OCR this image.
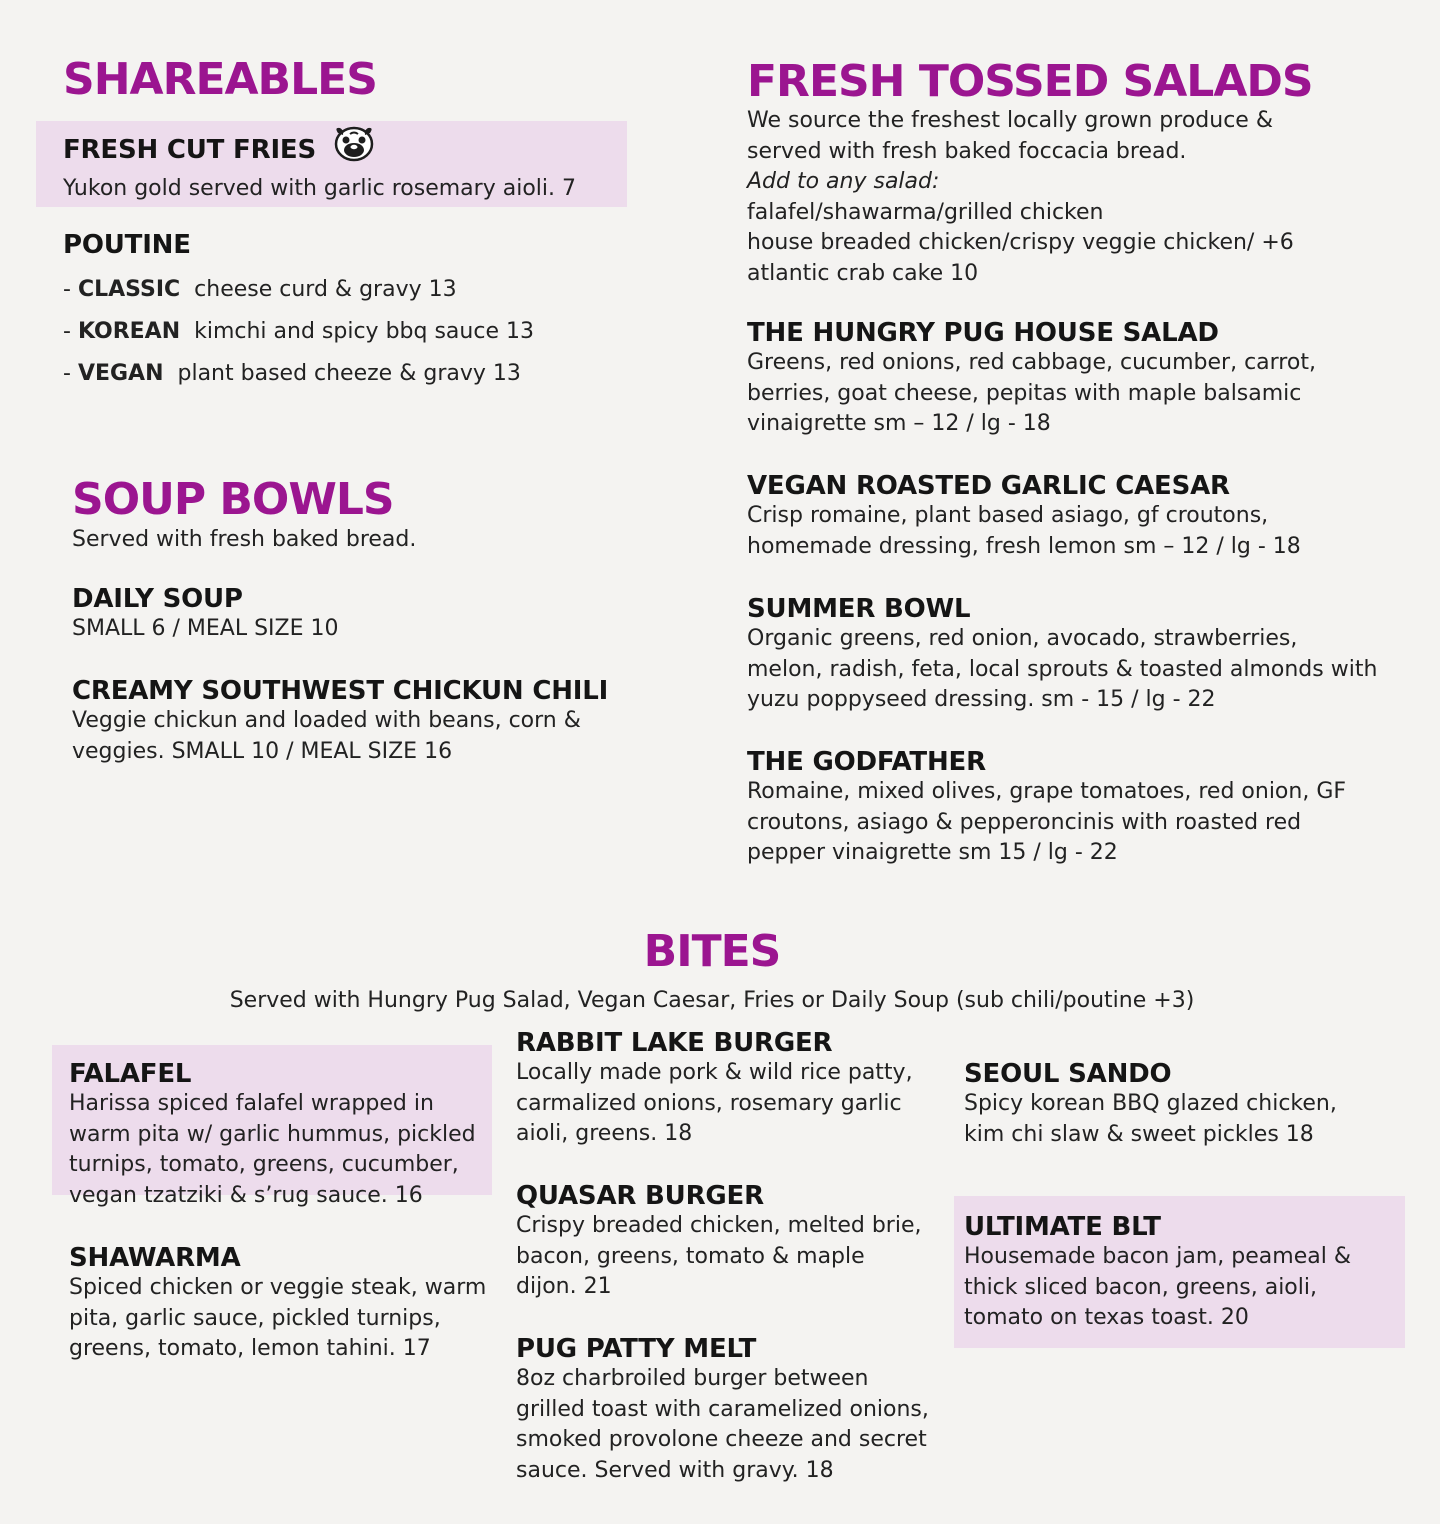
SHAREABLES
FRESH CUT FRIES
Yukon gold served with garlic rosemary aioli. 7
POUTINE
- CLASSIC cheese curd & gravy 13
- KOREAN kimchi and spicy bbq sauce 13
- VEGAN plant based cheeze & gravy 13
SOUP BOWLS
Served with fresh baked bread.
DAILY SOUP
SMALL 6 / MEAL SIZE 10
CREAMY SOUTHWEST CHICKUN CHILI
Veggie chickun and loaded with beans, corn &
veggies. SMALL 10 / MEAL SIZE 16
FRESH TOSSED SALADS
We source the freshest locally grown produce &
served with fresh baked foccacia bread.
Add to any salad:
falafel/shawarma/grilled chicken
house breaded chicken/crispy veggie chicken/ +6
atlantic crab cake 10
THE HUNGRY PUG HOUSE SALAD
Greens, red onions, red cabbage, cucumber, carrot,
berries, goat cheese, pepitas with maple balsamic
vinaigrette sm – 12 / lg - 18
VEGAN ROASTED GARLIC CAESAR
Crisp romaine, plant based asiago, gf croutons,
homemade dressing, fresh lemon sm – 12 / lg - 18
SUMMER BOWL
Organic greens, red onion, avocado, strawberries,
melon, radish, feta, local sprouts & toasted almonds with
yuzu poppyseed dressing. sm - 15 / lg - 22
THE GODFATHER
Romaine, mixed olives, grape tomatoes, red onion, GF
croutons, asiago & pepperoncinis with roasted red
pepper vinaigrette sm 15 / lg - 22
BITES
Served with Hungry Pug Salad, Vegan Caesar, Fries or Daily Soup (sub chili/poutine +3)
FALAFEL
Harissa spiced falafel wrapped in
warm pita w/ garlic hummus, pickled
turnips, tomato, greens, cucumber,
vegan tzatziki & s’rug sauce. 16
SHAWARMA
Spiced chicken or veggie steak, warm
pita, garlic sauce, pickled turnips,
greens, tomato, lemon tahini. 17
RABBIT LAKE BURGER
Locally made pork & wild rice patty,
carmalized onions, rosemary garlic
aioli, greens. 18
QUASAR BURGER
Crispy breaded chicken, melted brie,
bacon, greens, tomato & maple
dijon. 21
PUG PATTY MELT
8oz charbroiled burger between
grilled toast with caramelized onions,
smoked provolone cheeze and secret
sauce. Served with gravy. 18
SEOUL SANDO
Spicy korean BBQ glazed chicken,
kim chi slaw & sweet pickles 18
ULTIMATE BLT
Housemade bacon jam, peameal &
thick sliced bacon, greens, aioli,
tomato on texas toast. 20
